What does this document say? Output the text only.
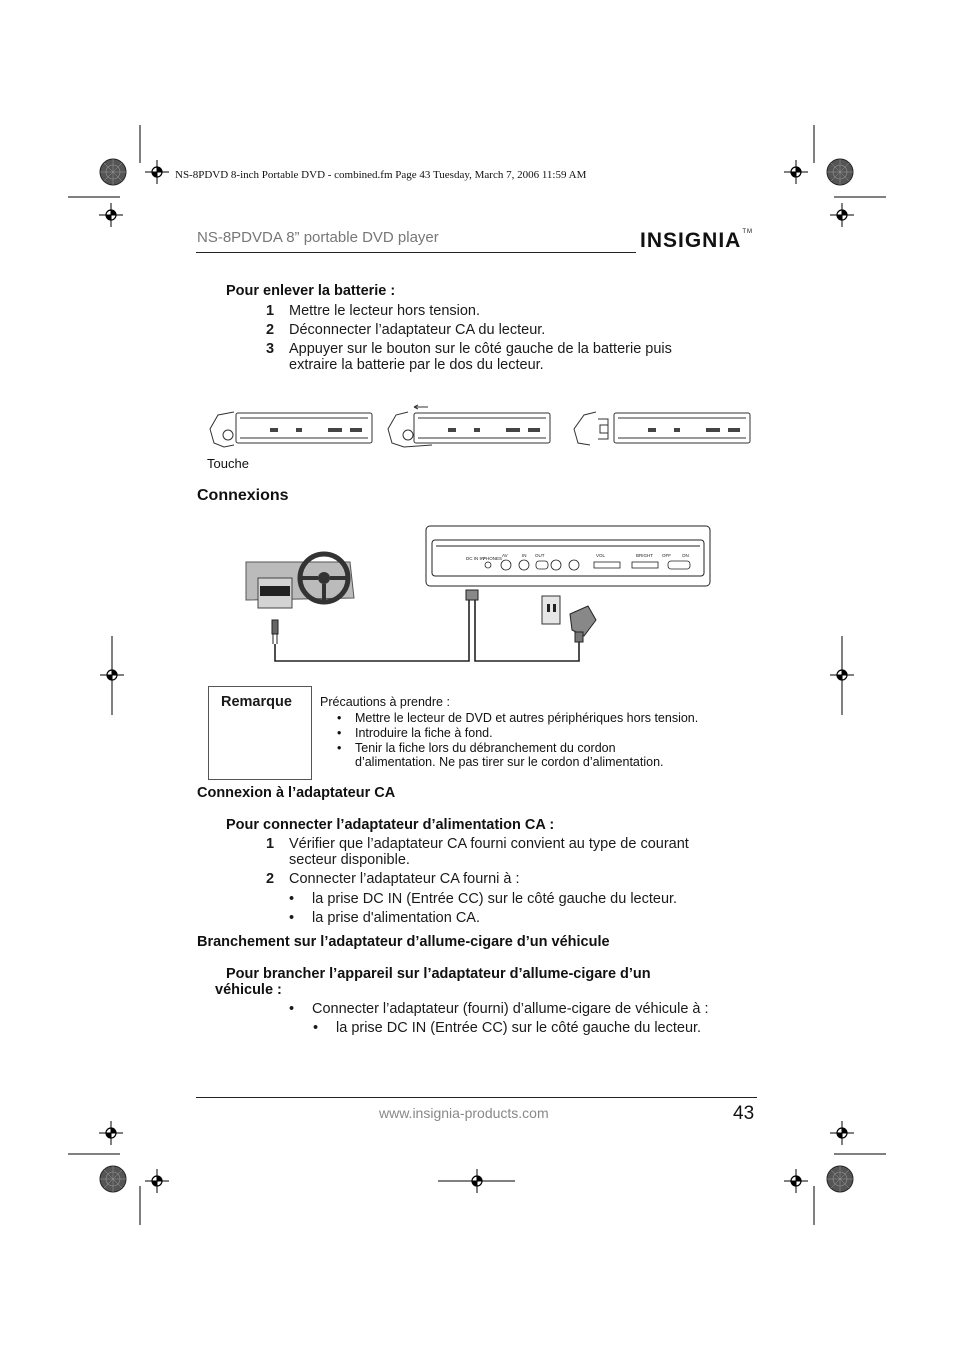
NS-8PDVD 8-inch Portable DVD - combined.fm Page 43 Tuesday, March 7, 2006 11:59 AM
NS-8PDVDA 8” portable DVD player	INSIGNIA™
Pour enlever la batterie :
1 Mettre le lecteur hors tension.
2 Déconnecter l’adaptateur CA du lecteur.
3 Appuyer sur le bouton sur le côté gauche de la batterie puis
extraire la batterie par le dos du lecteur.
Touche
Connexions
DC IN 9V
PHONES
AV	IN OUT	VOL	BRIGHT OFF ON
Remarque Précautions à prendre :
• Mettre le lecteur de DVD et autres périphériques hors tension.
• Introduire la fiche à fond.
• Tenir la fiche lors du débranchement du cordon
d’alimentation. Ne pas tirer sur le cordon d’alimentation.
Connexion à l’adaptateur CA
Pour connecter l’adaptateur d’alimentation CA :
1 Vérifier que l’adaptateur CA fourni convient au type de courant
secteur disponible.
2 Connecter l’adaptateur CA fourni à :
• la prise DC IN (Entrée CC) sur le côté gauche du lecteur.
• la prise d'alimentation CA.
Branchement sur l’adaptateur d’allume-cigare d’un véhicule
Pour brancher l’appareil sur l’adaptateur d’allume-cigare d’un
véhicule :
• Connecter l’adaptateur (fourni) d’allume-cigare de véhicule à :
• la prise DC IN (Entrée CC) sur le côté gauche du lecteur.
www.insignia-products.com	43
